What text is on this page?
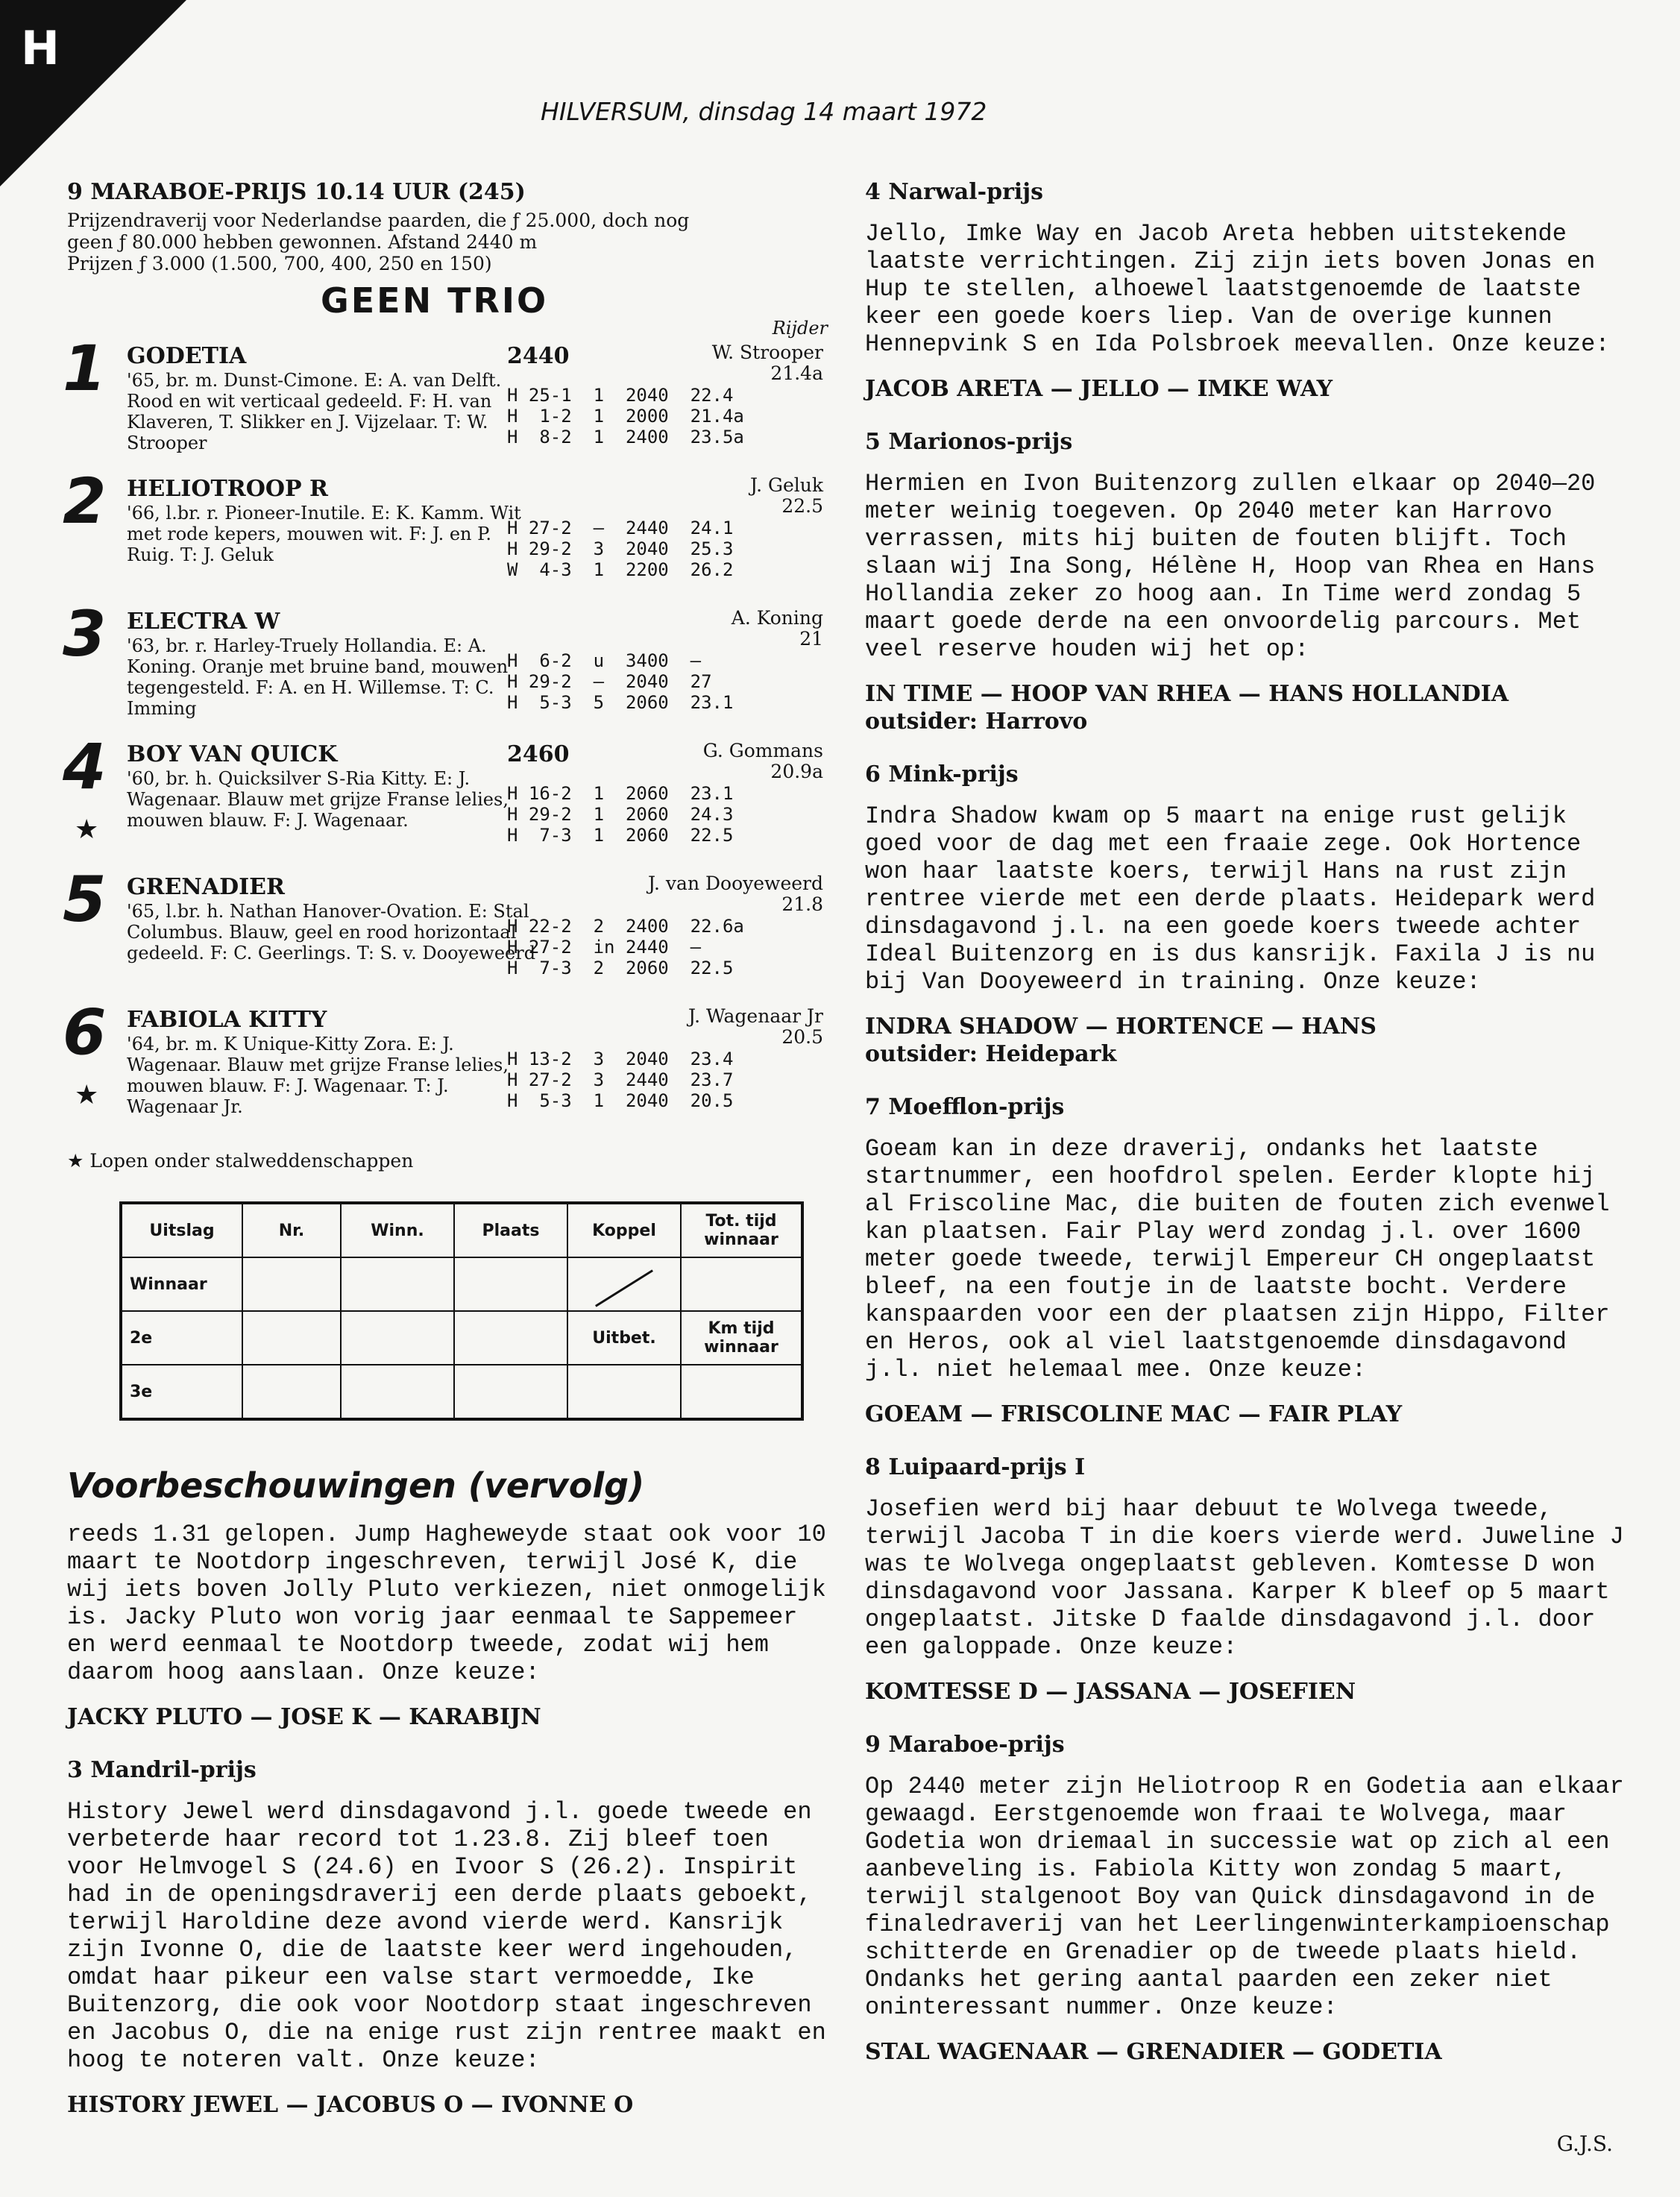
H
HILVERSUM, dinsdag 14 maart 1972
9 MARABOE-PRIJS 10.14 UUR (245)

Prijzendraverij voor Nederlandse paarden, die ƒ 25.000, doch nog

geen ƒ 80.000 hebben gewonnen. Afstand 2440 m

Prijzen ƒ 3.000 (1.500, 700, 400, 250 en 150)

GEEN TRIO
Rijder
1 GODETIA	2440	W. Strooper
21.4a
'65, br. m. Dunst-Cimone. E: A. van Delft. Rood en wit verticaal gedeeld. F: H. van Klaveren, T. Slikker en J. Vijzelaar. T: W. Strooper
H 25-1  1  2040  22.4
H  1-2  1  2000  21.4a
H  8-2  1  2400  23.5a
2 HELIOTROOP R	J. Geluk
22.5
'66, l.br. r. Pioneer-Inutile. E: K. Kamm. Wit met rode kepers, mouwen wit. F: J. en P. Ruig. T: J. Geluk
H 27-2  —  2440  24.1
H 29-2  3  2040  25.3
W  4-3  1  2200  26.2
3 ELECTRA W	A. Koning
21
'63, br. r. Harley-Truely Hollandia. E: A. Koning. Oranje met bruine band, mouwen tegengesteld. F: A. en H. Willemse. T: C. Imming
H  6-2  u  3400  —
H 29-2  —  2040  27
H  5-3  5  2060  23.1
4
★
BOY VAN QUICK	2460	G. Gommans
20.9a
'60, br. h. Quicksilver S-Ria Kitty. E: J. Wagenaar. Blauw met grijze Franse lelies, mouwen blauw. F: J. Wagenaar.
H 16-2  1  2060  23.1
H 29-2  1  2060  24.3
H  7-3  1  2060  22.5
5 GRENADIER	J. van Dooyeweerd
21.8
'65, l.br. h. Nathan Hanover-Ovation. E: Stal Columbus. Blauw, geel en rood horizontaal gedeeld. F: C. Geerlings. T: S. v. Dooyeweerd
H 22-2  2  2400  22.6a
H 27-2  in 2440  —
H  7-3  2  2060  22.5
6
★
FABIOLA KITTY	J. Wagenaar Jr
20.5
'64, br. m. K Unique-Kitty Zora. E: J. Wagenaar. Blauw met grijze Franse lelies, mouwen blauw. F: J. Wagenaar. T: J. Wagenaar Jr.
H 13-2  3  2040  23.4
H 27-2  3  2440  23.7
H  5-3  1  2040  20.5
★ Lopen onder stalweddenschappen
Uitslag	Nr.	Winn.	Plaats	Koppel	Tot. tijd winnaar
Winnaar					
2e				Uitbet.	Km tijd winnaar
3e					
Voorbeschouwingen (vervolg)

reeds 1.31 gelopen. Jump Hagheweyde staat ook voor 10 maart te Nootdorp ingeschreven, terwijl José K, die wij iets boven Jolly Pluto verkiezen, niet onmogelijk is. Jacky Pluto won vorig jaar eenmaal te Sappemeer en werd eenmaal te Nootdorp tweede, zodat wij hem daarom hoog aanslaan. Onze keuze:

JACKY PLUTO — JOSE K — KARABIJN
3 Mandril-prijs

History Jewel werd dinsdagavond j.l. goede tweede en verbeterde haar record tot 1.23.8. Zij bleef toen voor Helmvogel S (24.6) en Ivoor S (26.2). Inspirit had in de openingsdraverij een derde plaats geboekt, terwijl Haroldine deze avond vierde werd. Kansrijk zijn Ivonne O, die de laatste keer werd ingehouden, omdat haar pikeur een valse start vermoedde, Ike Buitenzorg, die ook voor Nootdorp staat ingeschreven en Jacobus O, die na enige rust zijn rentree maakt en hoog te noteren valt. Onze keuze:

HISTORY JEWEL — JACOBUS O — IVONNE O
4 Narwal-prijs

Jello, Imke Way en Jacob Areta hebben uitstekende laatste verrichtingen. Zij zijn iets boven Jonas en Hup te stellen, alhoewel laatstgenoemde de laatste keer een goede koers liep. Van de overige kunnen Hennepvink S en Ida Polsbroek meevallen. Onze keuze:

JACOB ARETA — JELLO — IMKE WAY
5 Marionos-prijs

Hermien en Ivon Buitenzorg zullen elkaar op 2040—20 meter weinig toegeven. Op 2040 meter kan Harrovo verrassen, mits hij buiten de fouten blijft. Toch slaan wij Ina Song, Hélène H, Hoop van Rhea en Hans Hollandia zeker zo hoog aan. In Time werd zondag 5 maart goede derde na een onvoordelig parcours. Met veel reserve houden wij het op:

IN TIME — HOOP VAN RHEA — HANS HOLLANDIA
outsider: Harrovo
6 Mink-prijs

Indra Shadow kwam op 5 maart na enige rust gelijk goed voor de dag met een fraaie zege. Ook Hortence won haar laatste koers, terwijl Hans na rust zijn rentree vierde met een derde plaats. Heidepark werd dinsdagavond j.l. na een goede koers tweede achter Ideal Buitenzorg en is dus kansrijk. Faxila J is nu bij Van Dooyeweerd in training. Onze keuze:

INDRA SHADOW — HORTENCE — HANS
outsider: Heidepark
7 Moefflon-prijs

Goeam kan in deze draverij, ondanks het laatste startnummer, een hoofdrol spelen. Eerder klopte hij al Friscoline Mac, die buiten de fouten zich evenwel kan plaatsen. Fair Play werd zondag j.l. over 1600 meter goede tweede, terwijl Empereur CH ongeplaatst bleef, na een foutje in de laatste bocht. Verdere kanspaarden voor een der plaatsen zijn Hippo, Filter en Heros, ook al viel laatstgenoemde dinsdagavond j.l. niet helemaal mee. Onze keuze:

GOEAM — FRISCOLINE MAC — FAIR PLAY
8 Luipaard-prijs I

Josefien werd bij haar debuut te Wolvega tweede, terwijl Jacoba T in die koers vierde werd. Juweline J was te Wolvega ongeplaatst gebleven. Komtesse D won dinsdagavond voor Jassana. Karper K bleef op 5 maart ongeplaatst. Jitske D faalde dinsdagavond j.l. door een galoppade. Onze keuze:

KOMTESSE D — JASSANA — JOSEFIEN
9 Maraboe-prijs

Op 2440 meter zijn Heliotroop R en Godetia aan elkaar gewaagd. Eerstgenoemde won fraai te Wolvega, maar Godetia won driemaal in successie wat op zich al een aanbeveling is. Fabiola Kitty won zondag 5 maart, terwijl stalgenoot Boy van Quick dinsdagavond in de finaledraverij van het Leerlingenwinterkampioenschap schitterde en Grenadier op de tweede plaats hield. Ondanks het gering aantal paarden een zeker niet oninteressant nummer. Onze keuze:

STAL WAGENAAR — GRENADIER — GODETIA
G.J.S.
